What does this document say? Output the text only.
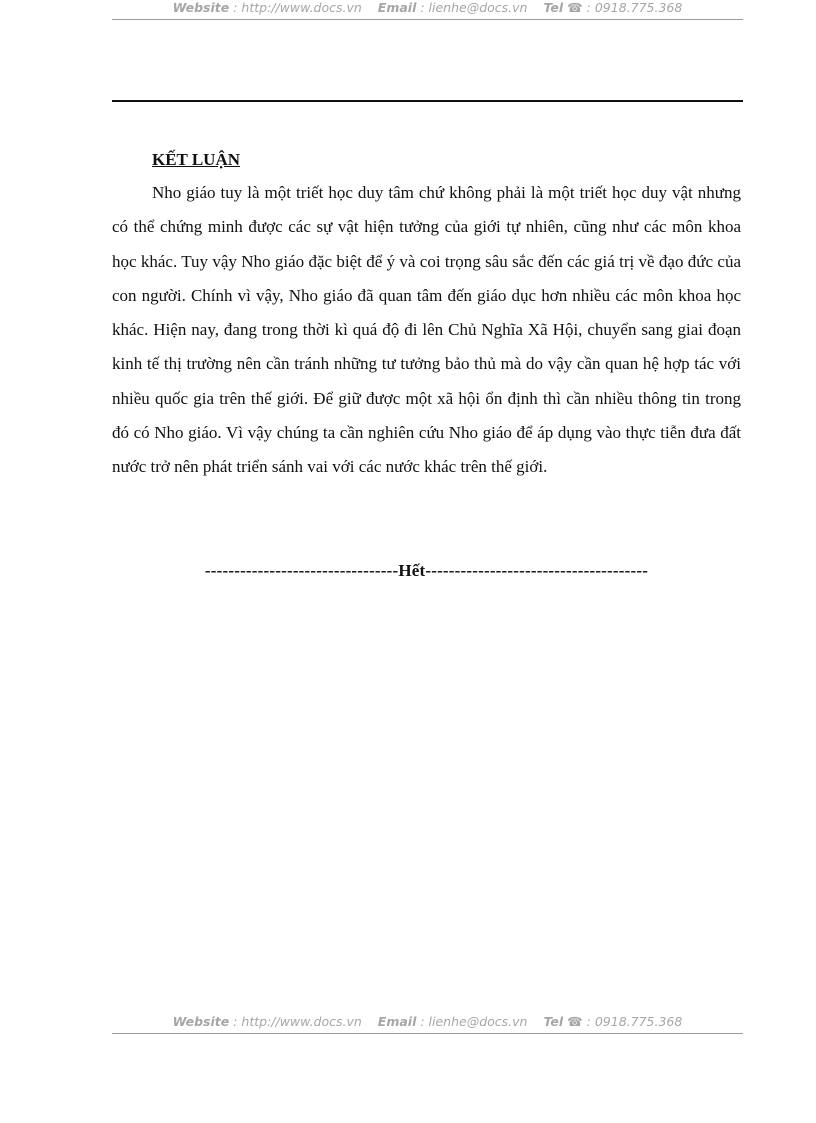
Website : http://www.docs.vn Email : lienhe@docs.vn Tel ☎ : 0918.775.368

KẾT LUẬN

Nho giáo tuy là một triết học duy tâm chứ không phải là một triết học duy vật nhưng có thể chứng minh được các sự vật hiện tưởng của giới tự nhiên, cũng như các môn khoa học khác. Tuy vậy Nho giáo đặc biệt để ý và coi trọng sâu sắc đến các giá trị về đạo đức của con người. Chính vì vậy, Nho giáo đã quan tâm đến giáo dục hơn nhiều các môn khoa học khác. Hiện nay, đang trong thời kì quá độ đi lên Chủ Nghĩa Xã Hội, chuyển sang giai đoạn kinh tế thị trường nên cần tránh những tư tưởng bảo thủ mà do vậy cần quan hệ hợp tác với nhiều quốc gia trên thế giới. Để giữ được một xã hội ổn định thì cần nhiều thông tin trong đó có Nho giáo. Vì vậy chúng ta cần nghiên cứu Nho giáo để áp dụng vào thực tiễn đưa đất nước trở nên phát triển sánh vai với các nước khác trên thế giới.

---------------------------------Hết--------------------------------------
Website : http://www.docs.vn Email : lienhe@docs.vn Tel ☎ : 0918.775.368
